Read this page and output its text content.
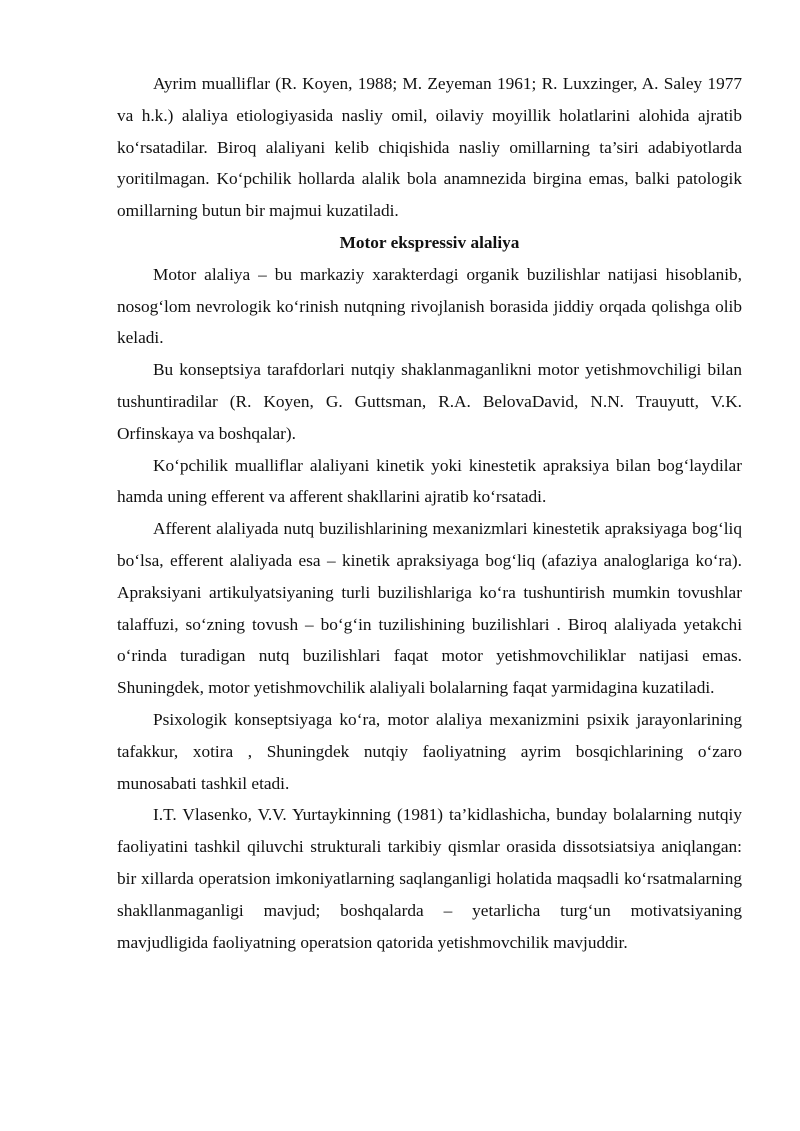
Ayrim mualliflar (R. Koyen, 1988; M. Zeyeman 1961; R. Luxzinger, A. Saley 1977 va h.k.) alaliya etiologiyasida nasliy omil, oilaviy moyillik holatlarini alohida ajratib ko‘rsatadilar. Biroq alaliyani kelib chiqishida nasliy omillarning ta’siri adabiyotlarda yoritilmagan. Ko‘pchilik hollarda alalik bola anamnezida birgina emas, balki patologik omillarning butun bir majmui kuzatiladi.

Motor ekspressiv alaliya

Motor alaliya – bu markaziy xarakterdagi organik buzilishlar natijasi hisoblanib, nosog‘lom nevrologik ko‘rinish nutqning rivojlanish borasida jiddiy orqada qolishga olib keladi.

Bu konseptsiya tarafdorlari nutqiy shaklanmaganlikni motor yetishmovchiligi bilan tushuntiradilar (R. Koyen, G. Guttsman, R.A. BelovaDavid, N.N. Trauyutt, V.K. Orfinskaya va boshqalar).

Ko‘pchilik mualliflar alaliyani kinetik yoki kinestetik apraksiya bilan bog‘laydilar hamda uning efferent va afferent shakllarini ajratib ko‘rsatadi.

Afferent alaliyada nutq buzilishlarining mexanizmlari kinestetik apraksiyaga bog‘liq bo‘lsa, efferent alaliyada esa – kinetik apraksiyaga bog‘liq (afaziya analoglariga ko‘ra). Apraksiyani artikulyatsiyaning turli buzilishlariga ko‘ra tushuntirish mumkin tovushlar talaffuzi, so‘zning tovush – bo‘g‘in tuzilishining buzilishlari . Biroq alaliyada yetakchi o‘rinda turadigan nutq buzilishlari faqat motor yetishmovchiliklar natijasi emas. Shuningdek, motor yetishmovchilik alaliyali bolalarning faqat yarmidagina kuzatiladi.

Psixologik konseptsiyaga ko‘ra, motor alaliya mexanizmini psixik jarayonlarining tafakkur, xotira , Shuningdek nutqiy faoliyatning ayrim bosqichlarining o‘zaro munosabati tashkil etadi.

I.T. Vlasenko, V.V. Yurtaykinning (1981) ta’kidlashicha, bunday bolalarning nutqiy faoliyatini tashkil qiluvchi strukturali tarkibiy qismlar orasida dissotsiatsiya aniqlangan: bir xillarda operatsion imkoniyatlarning saqlanganligi holatida maqsadli ko‘rsatmalarning shakllanmaganligi mavjud; boshqalarda – yetarlicha turg‘un motivatsiyaning mavjudligida faoliyatning operatsion qatorida yetishmovchilik mavjuddir.
